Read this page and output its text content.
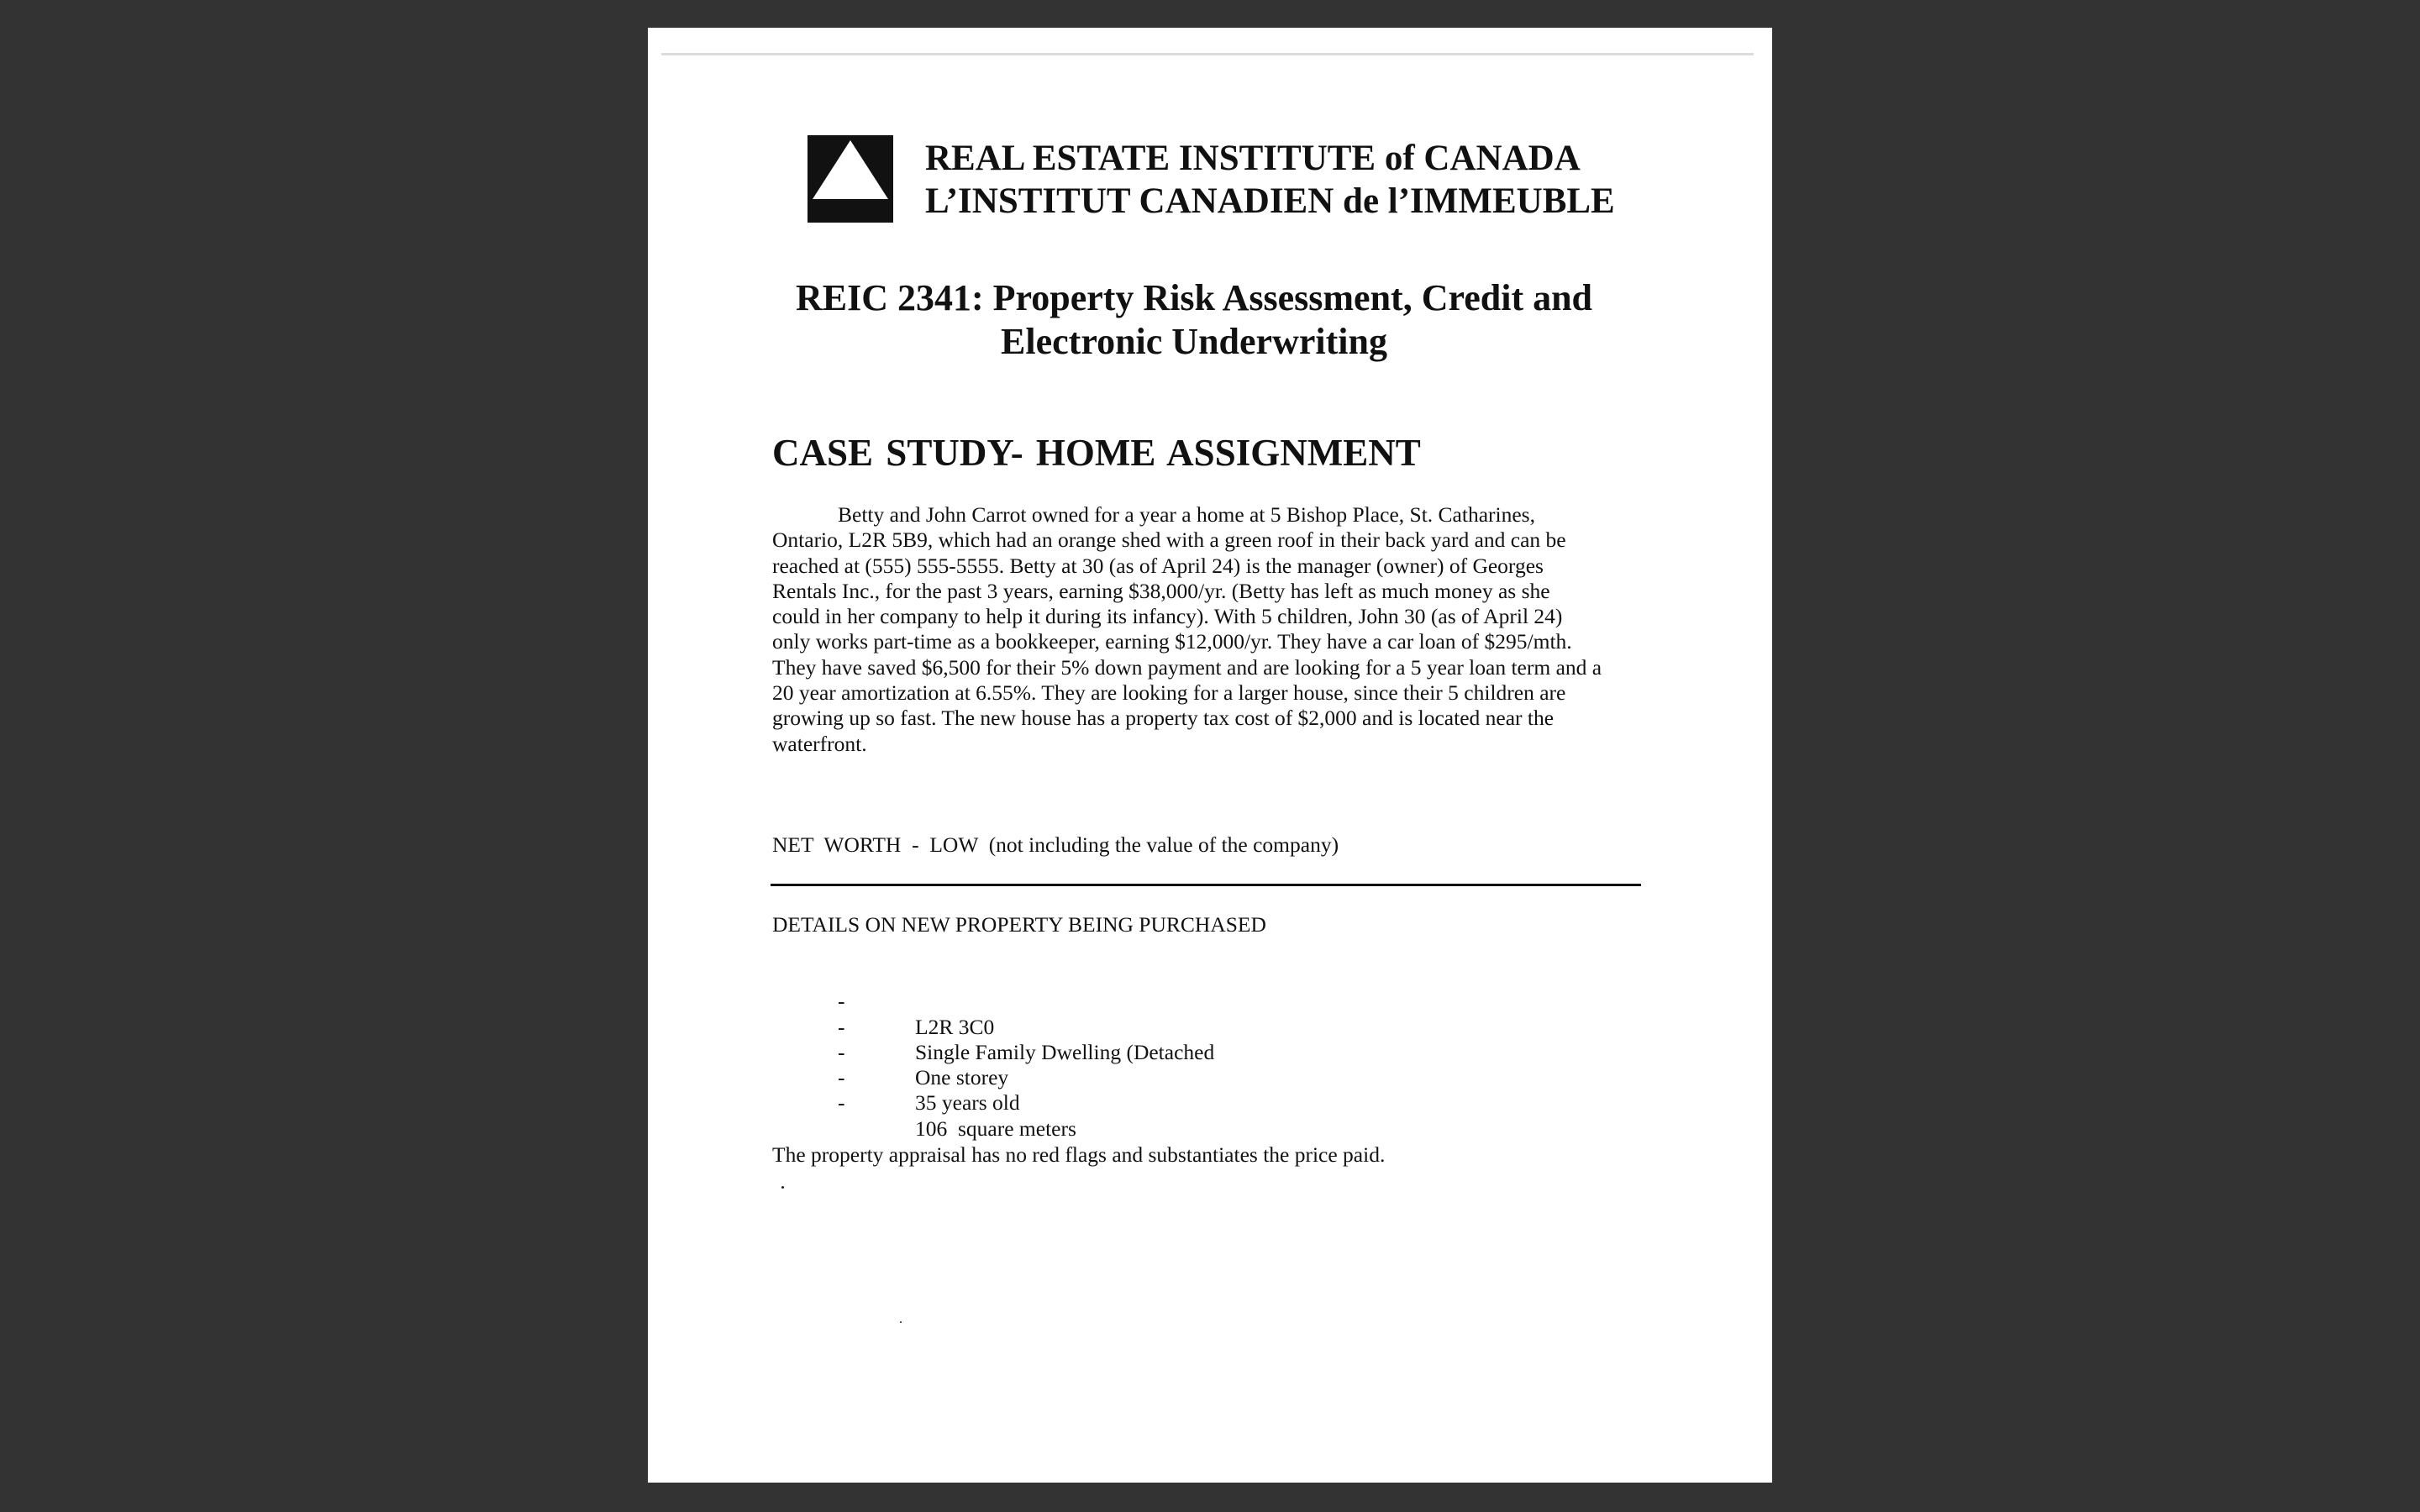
REAL ESTATE INSTITUTE of CANADA
L’INSTITUT CANADIEN de l’IMMEUBLE
REIC 2341: Property Risk Assessment, Credit and
Electronic Underwriting
CASE STUDY- HOME ASSIGNMENT
Betty and John Carrot owned for a year a home at 5 Bishop Place, St. Catharines,
Ontario, L2R 5B9, which had an orange shed with a green roof in their back yard and can be
reached at (555) 555-5555. Betty at 30 (as of April 24) is the manager (owner) of Georges
Rentals Inc., for the past 3 years, earning $38,000/yr. (Betty has left as much money as she
could in her company to help it during its infancy). With 5 children, John 30 (as of April 24)
only works part-time as a bookkeeper, earning $12,000/yr. They have a car loan of $295/mth.
They have saved $6,500 for their 5% down payment and are looking for a 5 year loan term and a
20 year amortization at 6.55%. They are looking for a larger house, since their 5 children are
growing up so fast. The new house has a property tax cost of $2,000 and is located near the
waterfront.
NET  WORTH  -  LOW  (not including the value of the company)
DETAILS ON NEW PROPERTY BEING PURCHASED

-

L2R 3C0

-

Single Family Dwelling (Detached

-

One storey

-

35 years old

-

106  square meters

The property appraisal has no red flags and substantiates the price paid.
